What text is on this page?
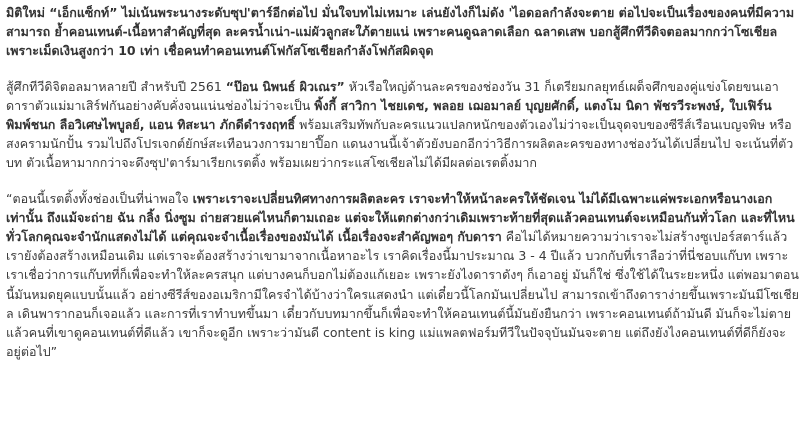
มิติใหม่ “เอ็กแซ็กท์” ไม่เน้นพระนางระดับซุป'ตาร์อีกต่อไป มั่นใจบทไม่เหมาะ เล่นยังไงก็ไม่ดัง 'ไอดอลกำลังจะตาย ต่อไปจะเป็นเรื่องของคนที่มีความสามารถ ย้ำคอนเทนต์-เนื้อหาสำคัญที่สุด ละครน้ำเน่า-แม่ผัวลูกสะใภ้ตายแน่ เพราะคนดูฉลาดเลือก ฉลาดเสพ บอกสู้ศึกทีวีดิจตอลมากกว่าโซเชียลเพราะเม็ดเงินสูงกว่า 10 เท่า เชื่อคนทำคอนเทนต์โฟกัสโซเชียลกำลังโฟกัสผิดจุด

สู้ศึกทีวีดิจิตอลมาหลายปี สำหรับปี 2561 “ป๊อน นิพนธ์ ผิวเณร” หัวเรือใหญ่ด้านละครของช่องวัน 31 ก็เตรียมกลยุทธ์เผด็จศึกของคู่แข่งโดยขนเอาดาราตัวแม่มาเสิร์ฟกันอย่างคับคั่งจนแน่นช่องไม่ว่าจะเป็น พิ้งกี้ สาวิกา ไชยเดช, พลอย เฌอมาลย์ บุญยศักดิ์, แตงโม นิดา พัชรวีระพงษ์, ใบเฟิร์น พิมพ์ชนก ลือวิเศษไพบูลย์, แอน ทิสะนา ภักดีดำรงฤทธิ์ พร้อมเสริมทัพกับละครแนวแปลกหนักของตัวเองไม่ว่าจะเป็นจุดจบของซีรีส์เรือนเบญจพิษ หรือสงครามนักปั้น รวมไปถึงโปรเจกต์ยักษ์สะเทือนวงการมายาปี๊อก แดนงานนี้เจ้าตัวยังบอกอีกว่าวิธีการผลิตละครของทางช่องวันได้เปลี่ยนไป จะเน้นที่ตัวบท ตัวเนื้อหามากกว่าจะดึงซุป'ตาร์มาเรียกเรตติ้ง พร้อมเผยว่ากระแสโซเชียลไม่ได้มีผลต่อเรตติ้งมาก

“ตอนนี้เรตติ้งทั้งช่องเป็นที่น่าพอใจ เพราะเราจะเปลี่ยนทิศทางการผลิตละคร เราจะทำให้หน้าละครให้ชัดเจน ไม่ได้มีเฉพาะแค่พระเอกหรือนางเอกเท่านั้น ถึงแม้จะถ่าย ฉัน กลิ้ง นิ่งซูม ถ่ายสวยแค่ไหนก็ตามเถอะ แต่จะให้แตกต่างกว่าเดิมเพราะท้ายที่สุดแล้วคอนเทนต์จะเหมือนกันทั่วโลก และที่ไหนทั่วโลกคุณจะจำนักแสดงไม่ได้ แต่คุณจะจำเนื้อเรื่องของมันได้ เนื้อเรื่องจะสำคัญพอๆ กับดารา คือไม่ได้หมายความว่าเราจะไม่สร้างซูเปอร์สตาร์แล้ว เรายังต้องสร้างเหมือนเดิม แต่เราจะต้องสร้างว่าเขามาจากเนื้อหาอะไร เราคิดเรื่องนี้มาประมาณ 3 - 4 ปีแล้ว บวกกับที่เราลือว่าที่นี่ชอบแก๊บท เพราะเราเชื่อว่าการแก๊บทที่ก็เพื่อจะทำให้ละครสนุก แต่บางคนก็บอกไม่ต้องแก้เยอะ เพราะยังไงดาราดังๆ ก็เอาอยู่ มันก็ใช่ ซึ่งใช้ได้ในระยะหนึ่ง แต่พอมาตอนนี้มันหมดยุคแบบนั้นแล้ว อย่างซีรีส์ของอเมริกามีใครจำได้บ้างว่าใครแสดงนำ แต่เดี๋ยวนี้โลกมันเปลี่ยนไป สามารถเข้าถึงดาราง่ายขึ้นเพราะมันมีโซเชียล เดินพารากอนก็เจอแล้ว และการที่เราทำบทขึ้นมา เดี๋ยวกับบทมากขึ้นก็เพื่อจะทำให้คอนเทนต์นี้มันยังยืนกว่า เพราะคอนเทนต์ถ้ามันดี มันก็จะไม่ตาย แล้วคนที่เขาดูคอนเทนต์ที่ดีแล้ว เขาก็จะดูอีก เพราะว่ามันดี content is king แม่แพลตฟอร์มทีวีในปัจจุบันมันจะตาย แต่ถึงยังไงคอนเทนต์ที่ดีก็ยังจะอยู่ต่อไป”
